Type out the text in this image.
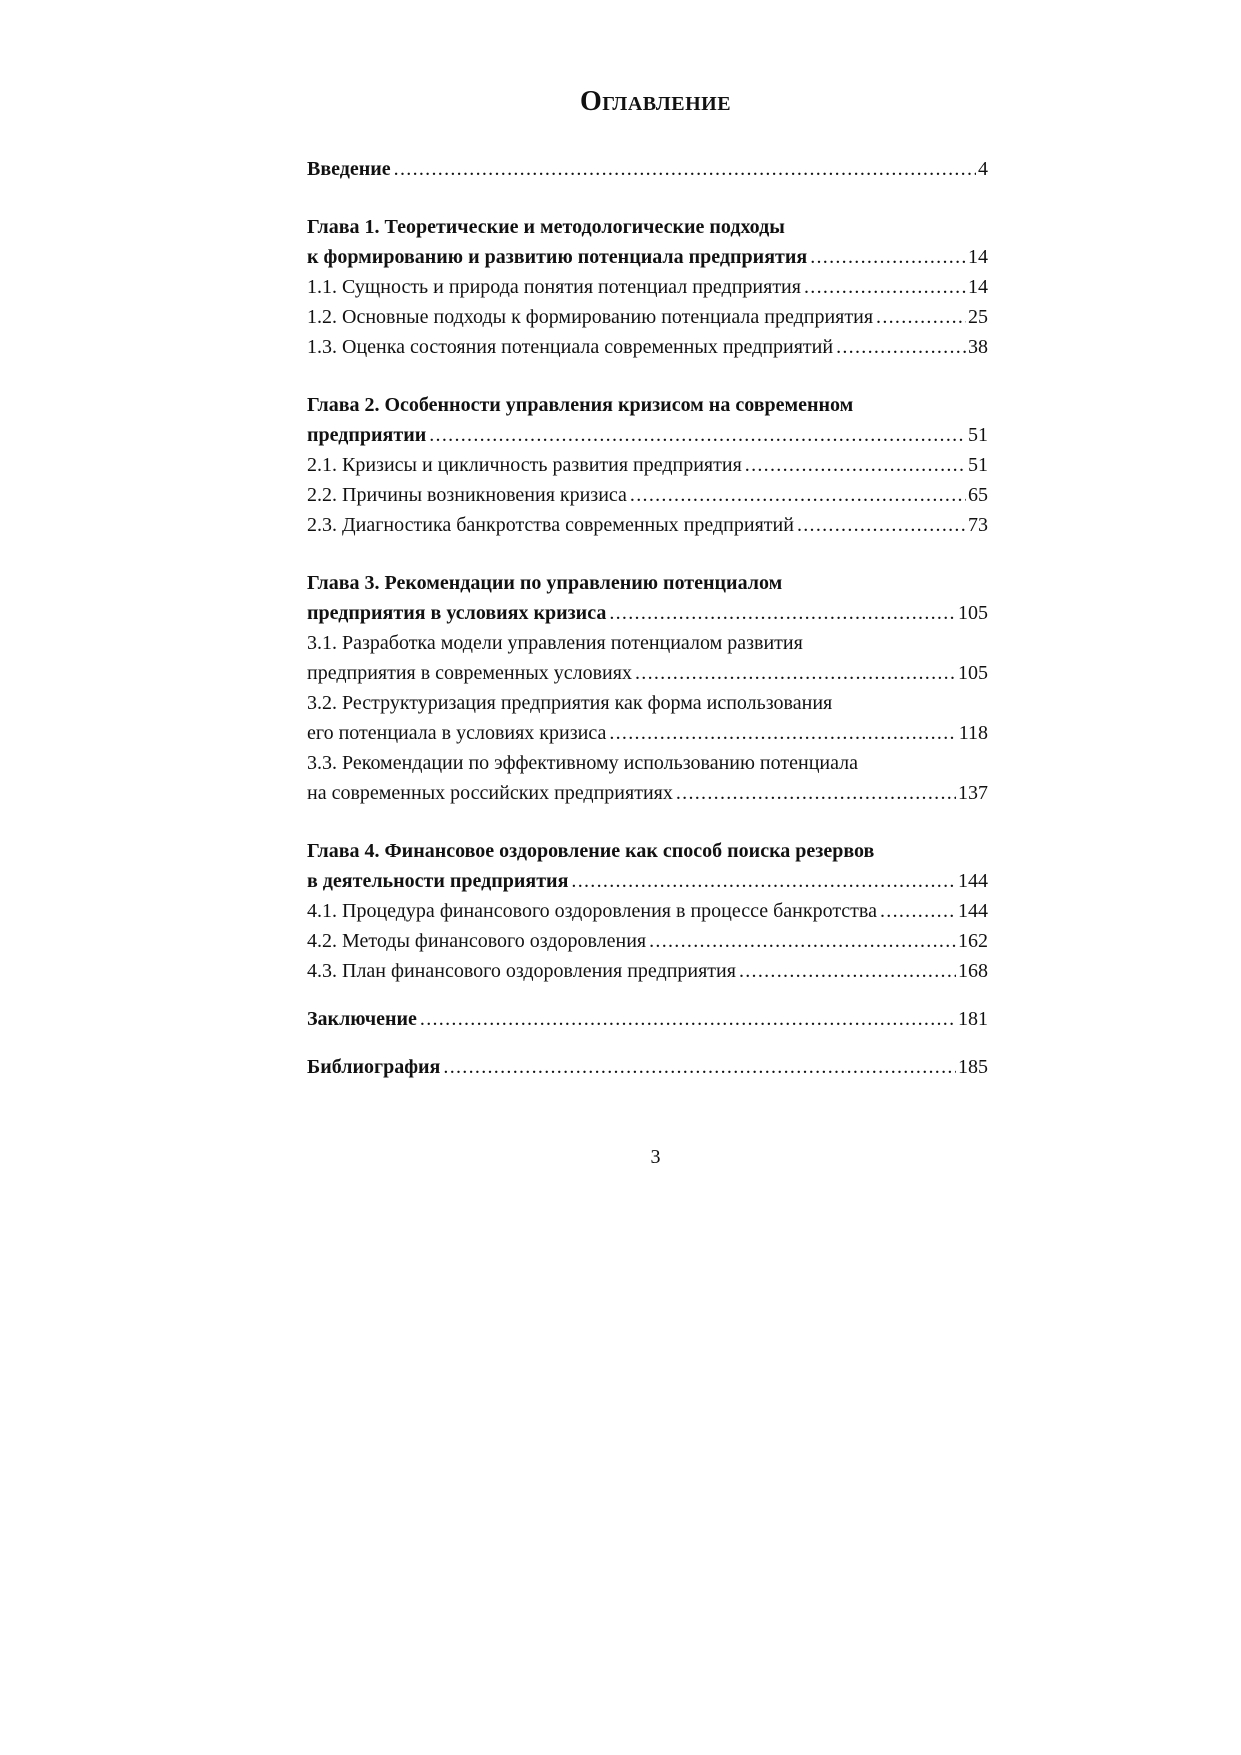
Оглавление
Введение .....	4
Глава 1. Теоретические и методологические подходы
к формированию и развитию потенциала предприятия .....	14
1.1. Сущность и природа понятия потенциал предприятия .....	14
1.2. Основные подходы к формированию потенциала предприятия .....	25
1.3. Оценка состояния потенциала современных предприятий .....	38
Глава 2. Особенности управления кризисом на современном
предприятии .....	51
2.1. Кризисы и цикличность развития предприятия .....	51
2.2. Причины возникновения кризиса .....	65
2.3. Диагностика банкротства современных предприятий .....	73
Глава 3. Рекомендации по управлению потенциалом
предприятия в условиях кризиса .....	105
3.1. Разработка модели управления потенциалом развития
предприятия в современных условиях .....	105
3.2. Реструктуризация предприятия как форма использования
его потенциала в условиях кризиса .....	118
3.3. Рекомендации по эффективному использованию потенциала
на современных российских предприятиях .....	137
Глава 4. Финансовое оздоровление как способ поиска резервов
в деятельности предприятия .....	144
4.1. Процедура финансового оздоровления в процессе банкротства .....	144
4.2. Методы финансового оздоровления .....	162
4.3. План финансового оздоровления предприятия .....	168
Заключение .....	181
Библиография .....	185
3
